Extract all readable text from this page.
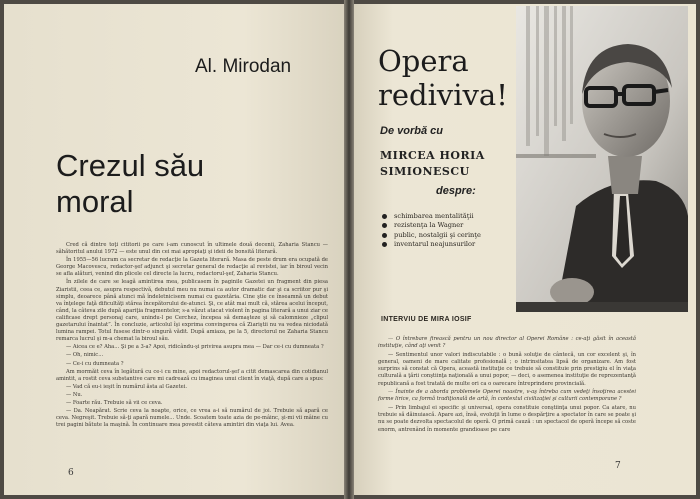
Al. Mirodan
Crezul său
moral

Cred că dintre toţi cititorii pe care i-am cunoscut în ultimele două decenii, Zaharia Stancu — săhătoritul anului 1972 — este unul din cei mai apropiaţi şi ideii de bonsită literară.

În 1955—56 lucram ca secretar de redacţie la Gazeta literară. Masa de peste drum era ocupată de George Macovescu, redactor-şef adjunct şi secretar general de redacţie al revistei, iar în biroul vecin se afla alături, venind din plicele cel directe la lucru, redactorul-şef, Zaharia Stancu.

În zilele de care se leagă amintirea mea, publicasem în paginile Gazetei un fragment din piesa Ziaristii, ceea ce, asupra respectivă, debutul meu nu numai ca autor dramatic dar şi ca scriitor pur şi simplu, deoarece până atunci mă îndeletnicisem numai cu gazetăria. Cine ştie ce înseamnă un debut va înţelege faţă dificultăţi stărea începătorului de-atunci. Şi, ce atât mai mult că, stărea acelui început, când, la câteva zile după apariţia fragmentelor, s-a văzut atacat violent în pagina literară a unui ziar ce calificase drept personaj care, unindu-l pe Cerchez, începea să demaşteze şi să calomnieze „clipul gazetarului înaintat”. În concluzie, articolul îşi exprima convingerea că Ziariştii nu va vedea niciodată lumina rampei. Totul fusese dintr-o singură vădit. După amiaza, pe la 5, directorul ne Zaharia Stancu remarca lucrul şi m-a chemat la biroul său.

— Aicea ce e? Aha... Şi pe a 3-a? Apoi, ridicându-şi privirea asupra mea — Dar ce-i cu dumneata ?

— Oh, nimic...

— Ce-i cu dumneata ?

Am mormăit ceva în legătură cu ce-i cu mine, apoi redactorul-şef a citit demascarea din cotidianul amintit, a rostit ceva substantive care mi cadrează cu imaginea unui client în viaţă, după care a spus:

— Vad că eu-i ieşit în numărul ăsta al Gazetei.

— Nu.

— Foarte rău. Trebuie să vii ce ceva.

— Da. Neapărat. Scrie ceva la noapte, orice, ce vrea a-i să numărul de joi. Trebuie să apară ce ceva. Negreşit. Trebuie să-ţi apară numele... Unde. Scoatem toate azia de pe-mâinc, şi-mi vii mâine cu trei pagini bătute la maşină. În continuare mea povestit câteva amintiri din viaţa lui. Avea.

6
Opera
rediviva!
De vorbă cu
MIRCEA HORIA
SIMIONESCU
despre:
schimbarea mentalităţii
rezistenţa la Wagner
public, nostalgii şi cerinţe
inventarul neajunsurilor
INTERVIU DE MIRA IOSIF

— O întrebare firească pentru un nou director al Operei Române : ce-aţi găsit în această instituţie, când aţi venit ?

— Sentimentul unor valori indiscutabile : o bună soluţie de cântecă, un cor excelent şi, în general, oameni de mare calitate profesională ; o intrinsitatea lipsă de organizare. Am fost surprins să constat că Opera, această instituţie ce trebuie să constituie prin prestigiu el în viaţa culturală a ţării conştiinţa naţională a unui popor, — deci, o asemenea instituţie de reprezentanţă republicană a fost tratată de multe ori ca o oarecare întreprindere provincială.

— Înainte de a aborda problemele Operei noastre, v-aş întreba cum vedeţi însoţirea acestei forme lirice, ca formă tradiţională de artă, în contextul civilizaţiei şi culturii contemporane ?

— Prin limbajul ei specific şi universal, opera constituie conştiinţa unui popor. Ca atare, nu trebuie să dăinuiască. Apare azi, însă, evoluţii în lume o despărţire a spectator în care se poate şi nu se poate dezvolta spectacolul de operă. O primă cauză : un spectacol de operă începe să coste enorm, antrenând în momente grandioase pe care

7
